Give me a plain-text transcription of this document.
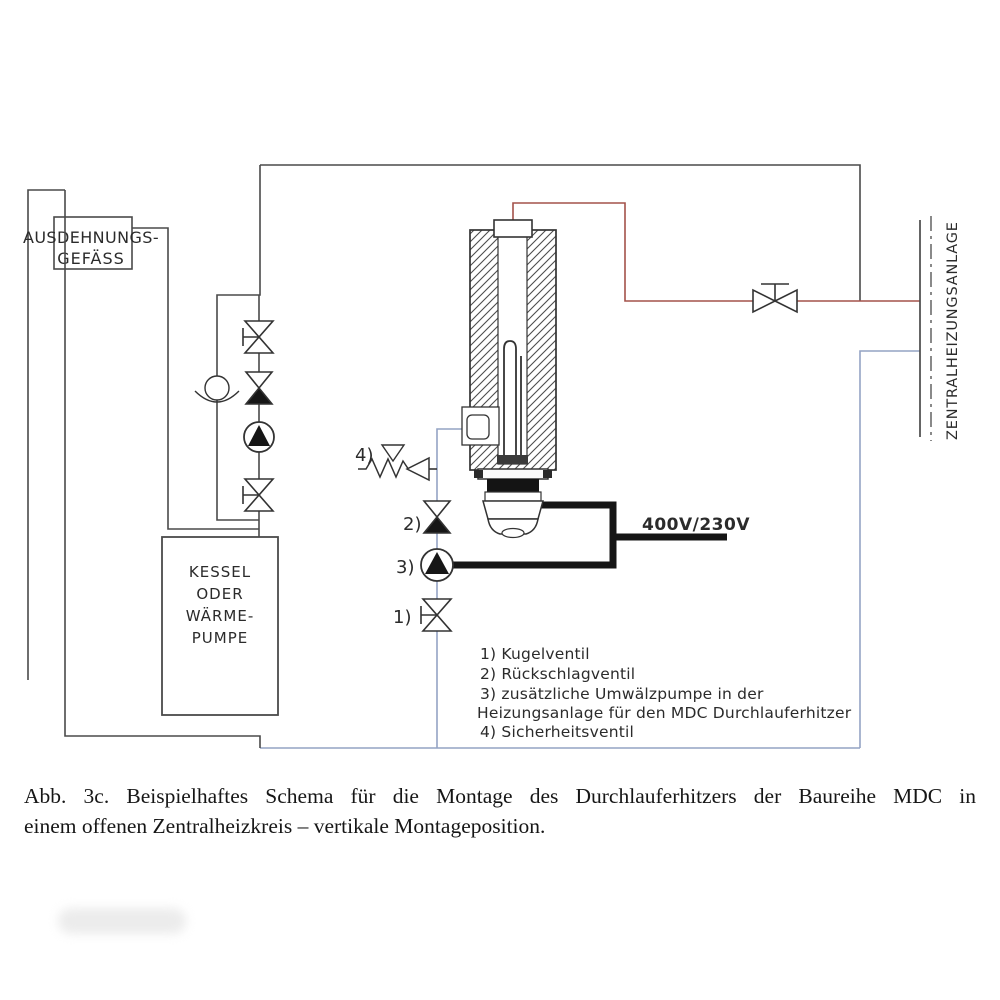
ZENTRALHEIZUNGSANLAGE
400V/230V
AUSDEHNUNGS-
GEFÄSS
KESSEL
ODER
WÄRME-
PUMPE
4)
2)
3)
1)
1) Kugelventil
2) Rückschlagventil
3) zusätzliche Umwälzpumpe in der
Heizungsanlage für den MDC Durchlauferhitzer
4) Sicherheitsventil
Abb. 3c. Beispielhaftes Schema für die Montage des Durchlauferhitzers der Baureihe MDC in
einem offenen Zentralheizkreis – vertikale Montageposition.
